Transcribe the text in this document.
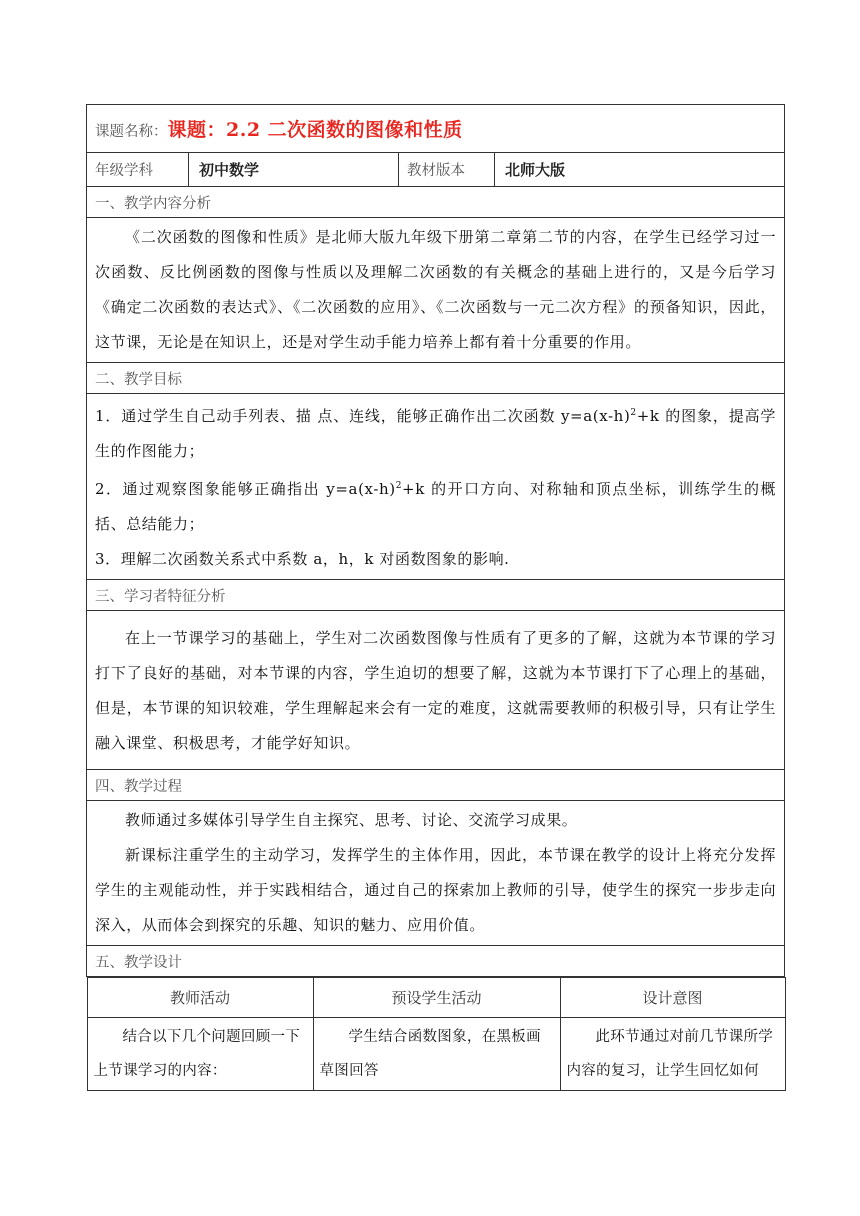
课题名称：课题：2.2 二次函数的图像和性质
年级学科	初中数学	教材版本	北师大版
一、教学内容分析
《二次函数的图像和性质》是北师大版九年级下册第二章第二节的内容，在学生已经学习过一次函数、反比例函数的图像与性质以及理解二次函数的有关概念的基础上进行的，又是今后学习《确定二次函数的表达式》、《二次函数的应用》、《二次函数与一元二次方程》的预备知识，因此，这节课，无论是在知识上，还是对学生动手能力培养上都有着十分重要的作用。
二、教学目标

1．通过学生自己动手列表、描 点、连线，能够正确作出二次函数 $y=a(x-h)^2+k$ 的图象，提高学生的作图能力；
2．通过观察图象能够正确指出 $y=a(x-h)^2+k$ 的开口方向、对称轴和顶点坐标，训练学生的概括、总结能力；
3．理解二次函数关系式中系数 a，h，k 对函数图象的影响.

三、学习者特征分析
在上一节课学习的基础上，学生对二次函数图像与性质有了更多的了解，这就为本节课的学习打下了良好的基础，对本节课的内容，学生迫切的想要了解，这就为本节课打下了心理上的基础，但是，本节课的知识较难，学生理解起来会有一定的难度，这就需要教师的积极引导，只有让学生融入课堂、积极思考，才能学好知识。
四、教学过程

教师通过多媒体引导学生自主探究、思考、讨论、交流学习成果。
新课标注重学生的主动学习，发挥学生的主体作用，因此，本节课在教学的设计上将充分发挥学生的主观能动性，并于实践相结合，通过自己的探索加上教师的引导，使学生的探究一步步走向深入，从而体会到探究的乐趣、知识的魅力、应用价值。

五、教学设计

教师活动	预设学生活动	设计意图
结合以下几个问题回顾一下上节课学习的内容：	学生结合函数图象，在黑板画草图回答	此环节通过对前几节课所学内容的复习，让学生回忆如何
